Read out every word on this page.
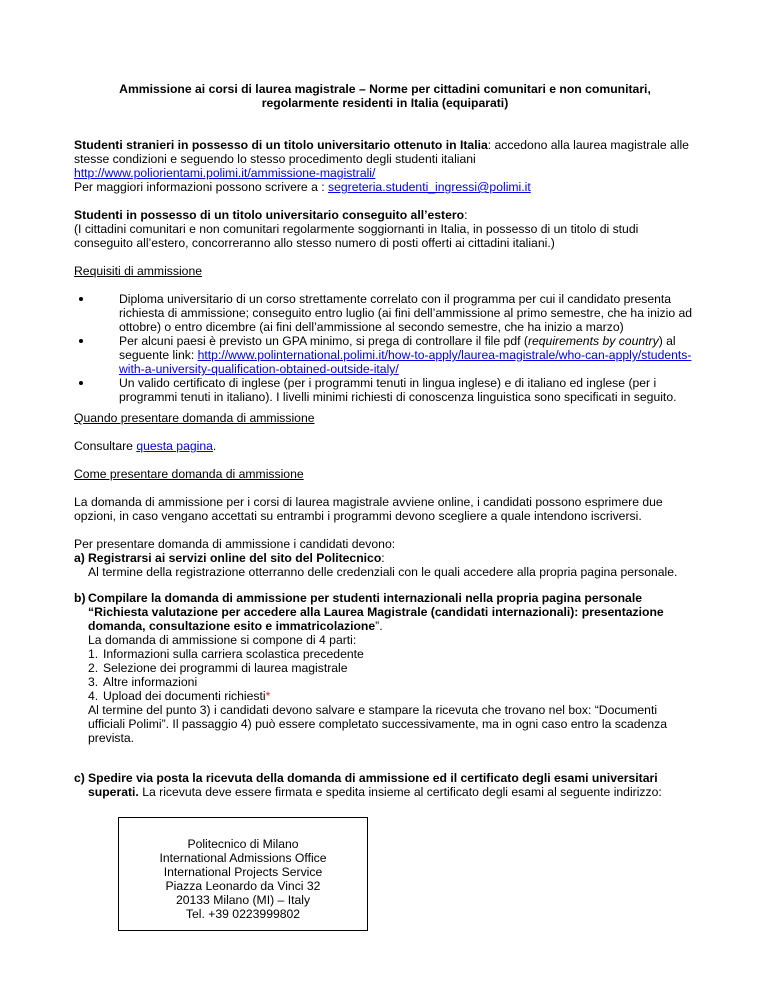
Ammissione ai corsi di laurea magistrale – Norme per cittadini comunitari e non comunitari,
regolarmente residenti in Italia (equiparati)

Studenti stranieri in possesso di un titolo universitario ottenuto in Italia: accedono alla laurea magistrale alle stesse condizioni e seguendo lo stesso procedimento degli studenti italiani
http://www.poliorientami.polimi.it/ammissione-magistrali/
Per maggiori informazioni possono scrivere a : segreteria.studenti_ingressi@polimi.it

Studenti in possesso di un titolo universitario conseguito all’estero:
(I cittadini comunitari e non comunitari regolarmente soggiornanti in Italia, in possesso di un titolo di studi conseguito all’estero, concorreranno allo stesso numero di posti offerti ai cittadini italiani.)

Requisiti di ammissione

Diploma universitario di un corso strettamente correlato con il programma per cui il candidato presenta richiesta di ammissione; conseguito entro luglio (ai fini dell’ammissione al primo semestre, che ha inizio ad ottobre) o entro dicembre (ai fini dell’ammissione al secondo semestre, che ha inizio a marzo)
Per alcuni paesi è previsto un GPA minimo, si prega di controllare il file pdf (requirements by country) al seguente link: http://www.polinternational.polimi.it/how-to-apply/laurea-magistrale/who-can-apply/students-with-a-university-qualification-obtained-outside-italy/
Un valido certificato di inglese (per i programmi tenuti in lingua inglese) e di italiano ed inglese (per i programmi tenuti in italiano). I livelli minimi richiesti di conoscenza linguistica sono specificati in seguito.

Quando presentare domanda di ammissione

Consultare questa pagina.

Come presentare domanda di ammissione

La domanda di ammissione per i corsi di laurea magistrale avviene online, i candidati possono esprimere due opzioni, in caso vengano accettati su entrambi i programmi devono scegliere a quale intendono iscriversi.

Per presentare domanda di ammissione i candidati devono:

a) Registrarsi ai servizi online del sito del Politecnico:
Al termine della registrazione otterranno delle credenziali con le quali accedere alla propria pagina personale.
b) Compilare la domanda di ammissione per studenti internazionali nella propria pagina personale “Richiesta valutazione per accedere alla Laurea Magistrale (candidati internazionali): presentazione domanda, consultazione esito e immatricolazione”.
La domanda di ammissione si compone di 4 parti:
1. Informazioni sulla carriera scolastica precedente
2. Selezione dei programmi di laurea magistrale
3. Altre informazioni
4. Upload dei documenti richiesti*
Al termine del punto 3) i candidati devono salvare e stampare la ricevuta che trovano nel box: “Documenti ufficiali Polimi”. Il passaggio 4) può essere completato successivamente, ma in ogni caso entro la scadenza prevista.
c) Spedire via posta la ricevuta della domanda di ammissione ed il certificato degli esami universitari superati. La ricevuta deve essere firmata e spedita insieme al certificato degli esami al seguente indirizzo:
Politecnico di Milano
International Admissions Office
International Projects Service
Piazza Leonardo da Vinci 32
20133 Milano (MI) – Italy
Tel. +39 0223999802
